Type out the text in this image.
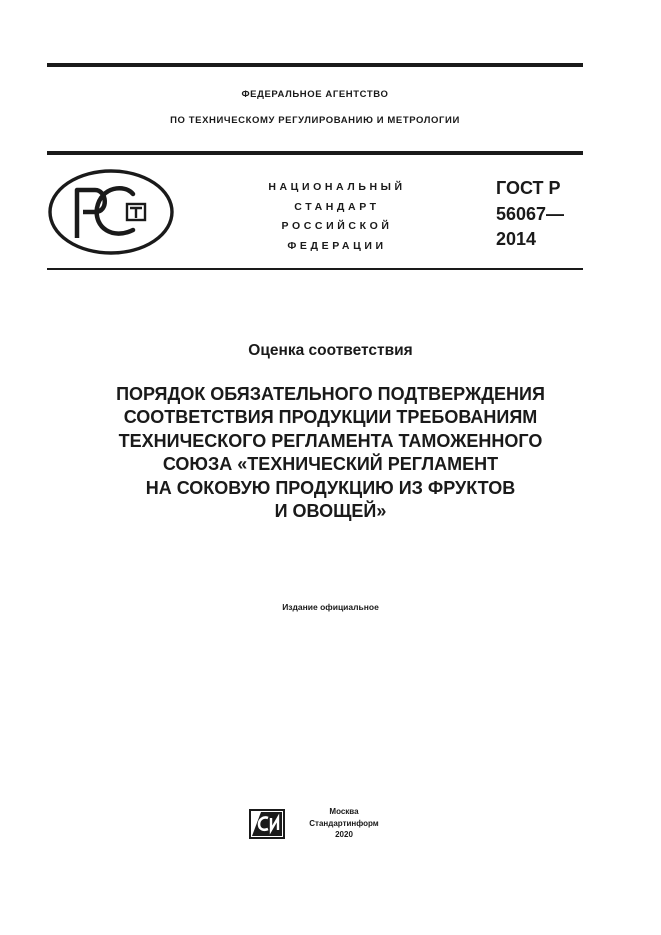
ФЕДЕРАЛЬНОЕ АГЕНТСТВО
ПО ТЕХНИЧЕСКОМУ РЕГУЛИРОВАНИЮ И МЕТРОЛОГИИ
НАЦИОНАЛЬНЫЙ
СТАНДАРТ
РОССИЙСКОЙ
ФЕДЕРАЦИИ
ГОСТ Р
56067—
2014
Оценка соответствия
ПОРЯДОК ОБЯЗАТЕЛЬНОГО ПОДТВЕРЖДЕНИЯ
СООТВЕТСТВИЯ ПРОДУКЦИИ ТРЕБОВАНИЯМ
ТЕХНИЧЕСКОГО РЕГЛАМЕНТА ТАМОЖЕННОГО
СОЮЗА «ТЕХНИЧЕСКИЙ РЕГЛАМЕНТ
НА СОКОВУЮ ПРОДУКЦИЮ ИЗ ФРУКТОВ
И ОВОЩЕЙ»
Издание официальное
Москва
Стандартинформ
2020
